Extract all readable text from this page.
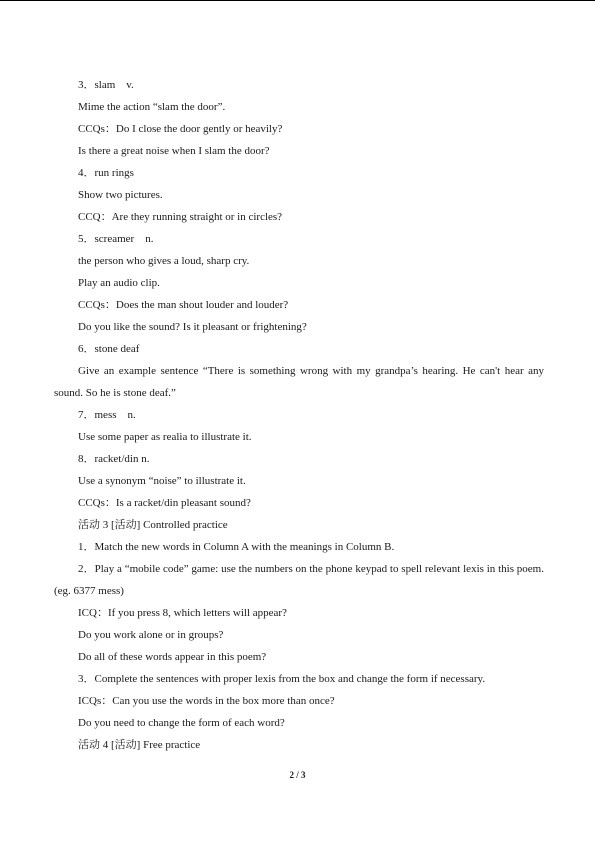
3．slam　v.
Mime the action “slam the door”.
CCQs：Do I close the door gently or heavily?
Is there a great noise when I slam the door?
4．run rings
Show two pictures.
CCQ：Are they running straight or in circles?
5．screamer　n.
the person who gives a loud, sharp cry.
Play an audio clip.
CCQs：Does the man shout louder and louder?
Do you like the sound? Is it pleasant or frightening?
6．stone deaf
Give an example sentence “There is something wrong with my grandpa’s hearing. He can't hear any sound. So he is stone deaf.”
7．mess　n.
Use some paper as realia to illustrate it.
8．racket/din n.
Use a synonym “noise” to illustrate it.
CCQs：Is a racket/din pleasant sound?
活动 3 [活动] Controlled practice
1．Match the new words in Column A with the meanings in Column B.
2．Play a “mobile code” game: use the numbers on the phone keypad to spell relevant lexis in this poem. (eg. 6377 mess)
ICQ：If you press 8, which letters will appear?
Do you work alone or in groups?
Do all of these words appear in this poem?
3．Complete the sentences with proper lexis from the box and change the form if necessary.
ICQs：Can you use the words in the box more than once?
Do you need to change the form of each word?
活动 4 [活动] Free practice
2 / 3
